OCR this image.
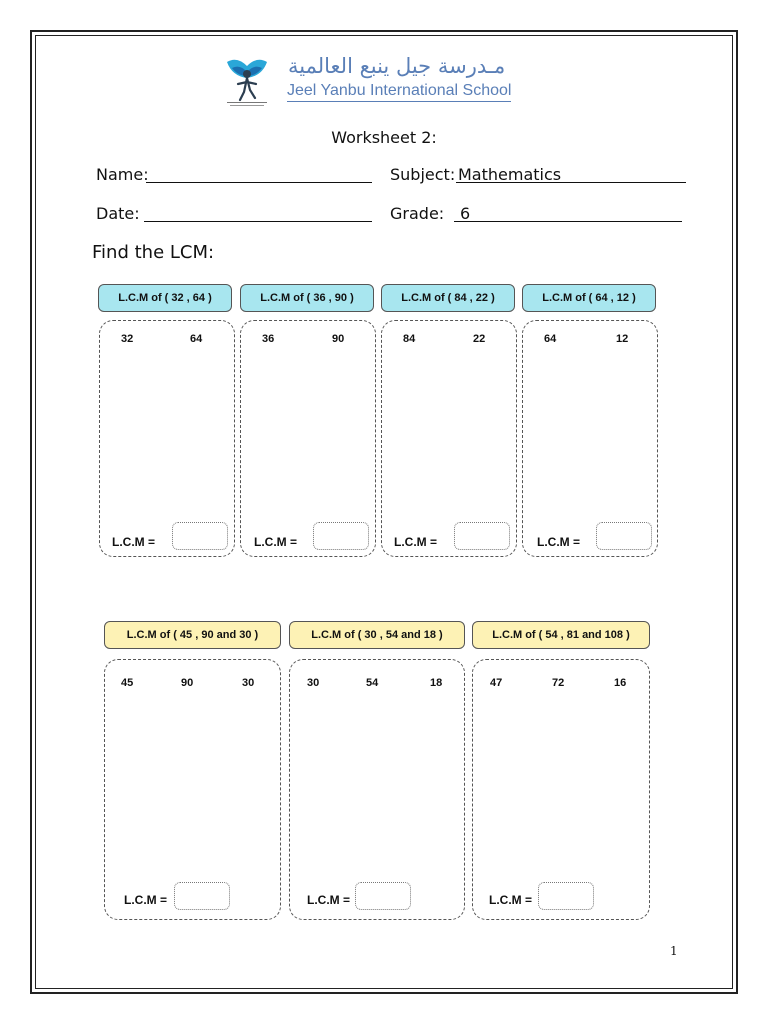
مـدرسة جيل ينبع العالمية
Jeel Yanbu International School
Worksheet 2:
Name:	Subject: Mathematics
Date:	Grade: 6
Find the LCM:
L.C.M of ( 32 , 64 )	L.C.M of ( 36 , 90 )	L.C.M of ( 84 , 22 )	L.C.M of ( 64 , 12 )
32	64	36	90	84	22	64	12
L.C.M =	L.C.M =	L.C.M =	L.C.M =
L.C.M of ( 45 , 90 and 30 )	L.C.M of ( 30 , 54 and 18 )	L.C.M of ( 54 , 81 and 108 )
45	90	30	30	54	18	47	72	16
L.C.M =	L.C.M =	L.C.M =
1
